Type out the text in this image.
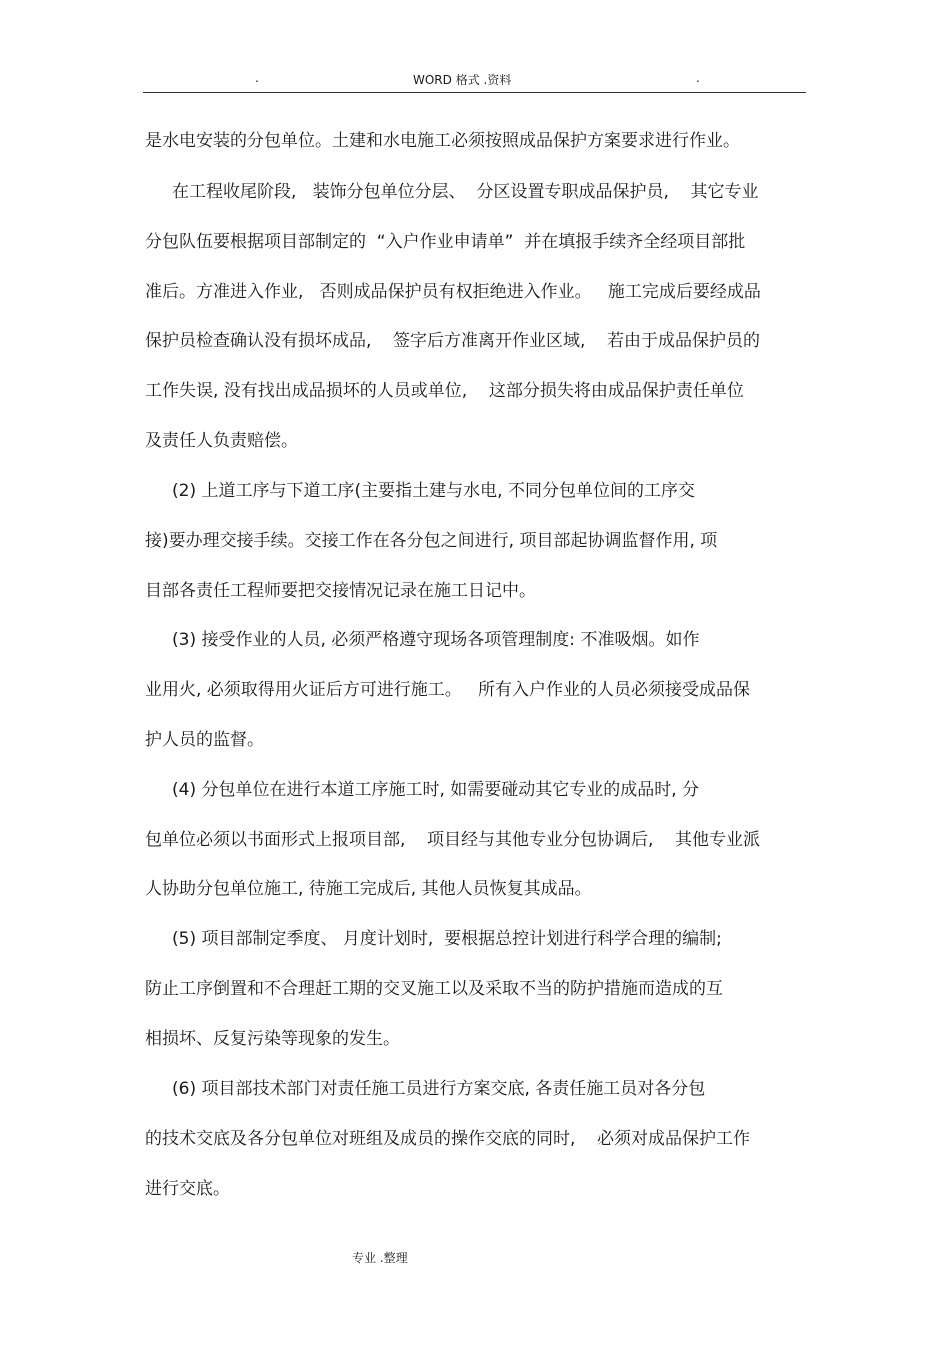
.	WORD 格式 .资料	.
是水电安装的分包单位。土建和水电施工必须按照成品保护方案要求进行作业。
在工程收尾阶段,   装饰分包单位分层、  分区设置专职成品保护员,    其它专业
分包队伍要根据项目部制定的  “入户作业申请单”  并在填报手续齐全经项目部批
准后。方准进入作业,   否则成品保护员有权拒绝进入作业。   施工完成后要经成品
保护员检查确认没有损坏成品,    签字后方准离开作业区域,    若由于成品保护员的
工作失误, 没有找出成品损坏的人员或单位,    这部分损失将由成品保护责任单位
及责任人负责赔偿。
(2) 上道工序与下道工序(主要指土建与水电, 不同分包单位间的工序交
接)要办理交接手续。交接工作在各分包之间进行, 项目部起协调监督作用, 项
目部各责任工程师要把交接情况记录在施工日记中。
(3) 接受作业的人员, 必须严格遵守现场各项管理制度: 不准吸烟。如作
业用火, 必须取得用火证后方可进行施工。   所有入户作业的人员必须接受成品保
护人员的监督。
(4) 分包单位在进行本道工序施工时, 如需要碰动其它专业的成品时, 分
包单位必须以书面形式上报项目部,    项目经与其他专业分包协调后,    其他专业派
人协助分包单位施工, 待施工完成后, 其他人员恢复其成品。
(5) 项目部制定季度、 月度计划时,  要根据总控计划进行科学合理的编制;
防止工序倒置和不合理赶工期的交叉施工以及采取不当的防护措施而造成的互
相损坏、反复污染等现象的发生。
(6) 项目部技术部门对责任施工员进行方案交底, 各责任施工员对各分包
的技术交底及各分包单位对班组及成员的操作交底的同时,    必须对成品保护工作
进行交底。
专业 .整理
